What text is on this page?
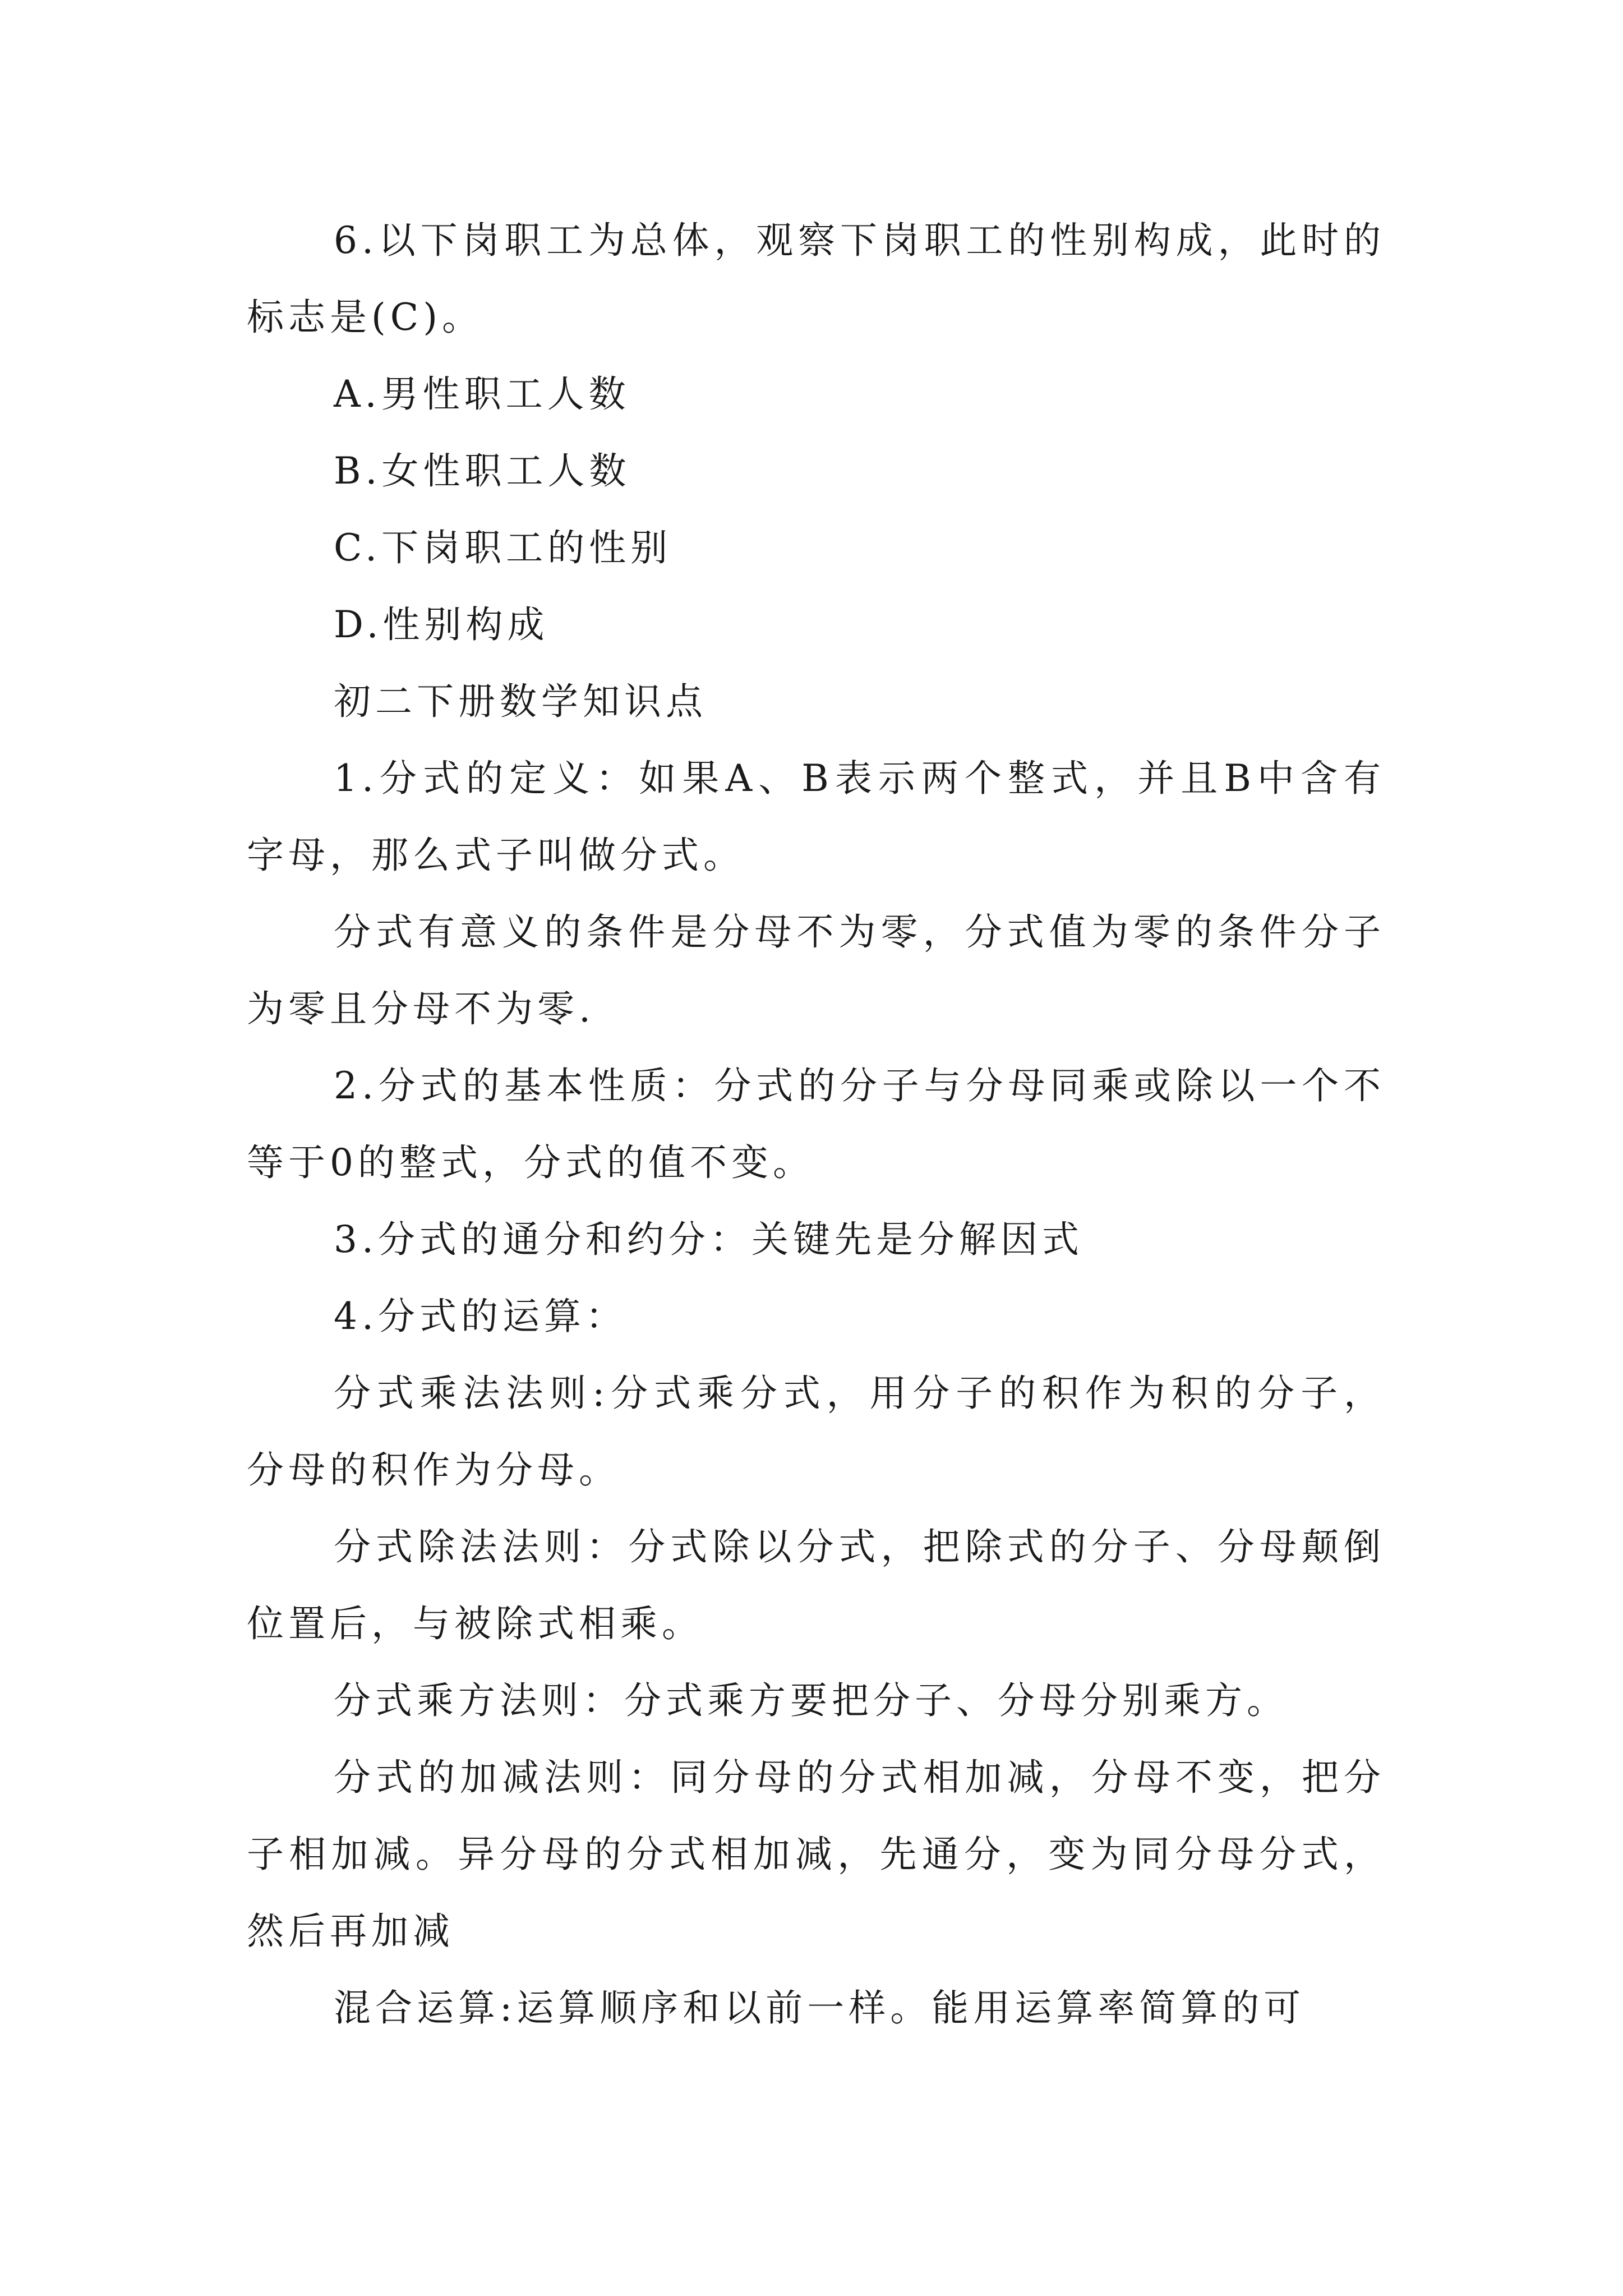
6.以下岗职工为总体，观察下岗职工的性别构成，此时的标志是(C)。

A.男性职工人数

B.女性职工人数

C.下岗职工的性别

D.性别构成

初二下册数学知识点

1.分式的定义：如果A、B表示两个整式，并且B中含有字母，那么式子叫做分式。

分式有意义的条件是分母不为零，分式值为零的条件分子为零且分母不为零.

2.分式的基本性质：分式的分子与分母同乘或除以一个不等于0的整式，分式的值不变。

3.分式的通分和约分：关键先是分解因式

4.分式的运算：

分式乘法法则:分式乘分式，用分子的积作为积的分子，分母的积作为分母。

分式除法法则：分式除以分式，把除式的分子、分母颠倒位置后，与被除式相乘。

分式乘方法则：分式乘方要把分子、分母分别乘方。

分式的加减法则：同分母的分式相加减，分母不变，把分子相加减。异分母的分式相加减，先通分，变为同分母分式，然后再加减

混合运算:运算顺序和以前一样。能用运算率简算的可
